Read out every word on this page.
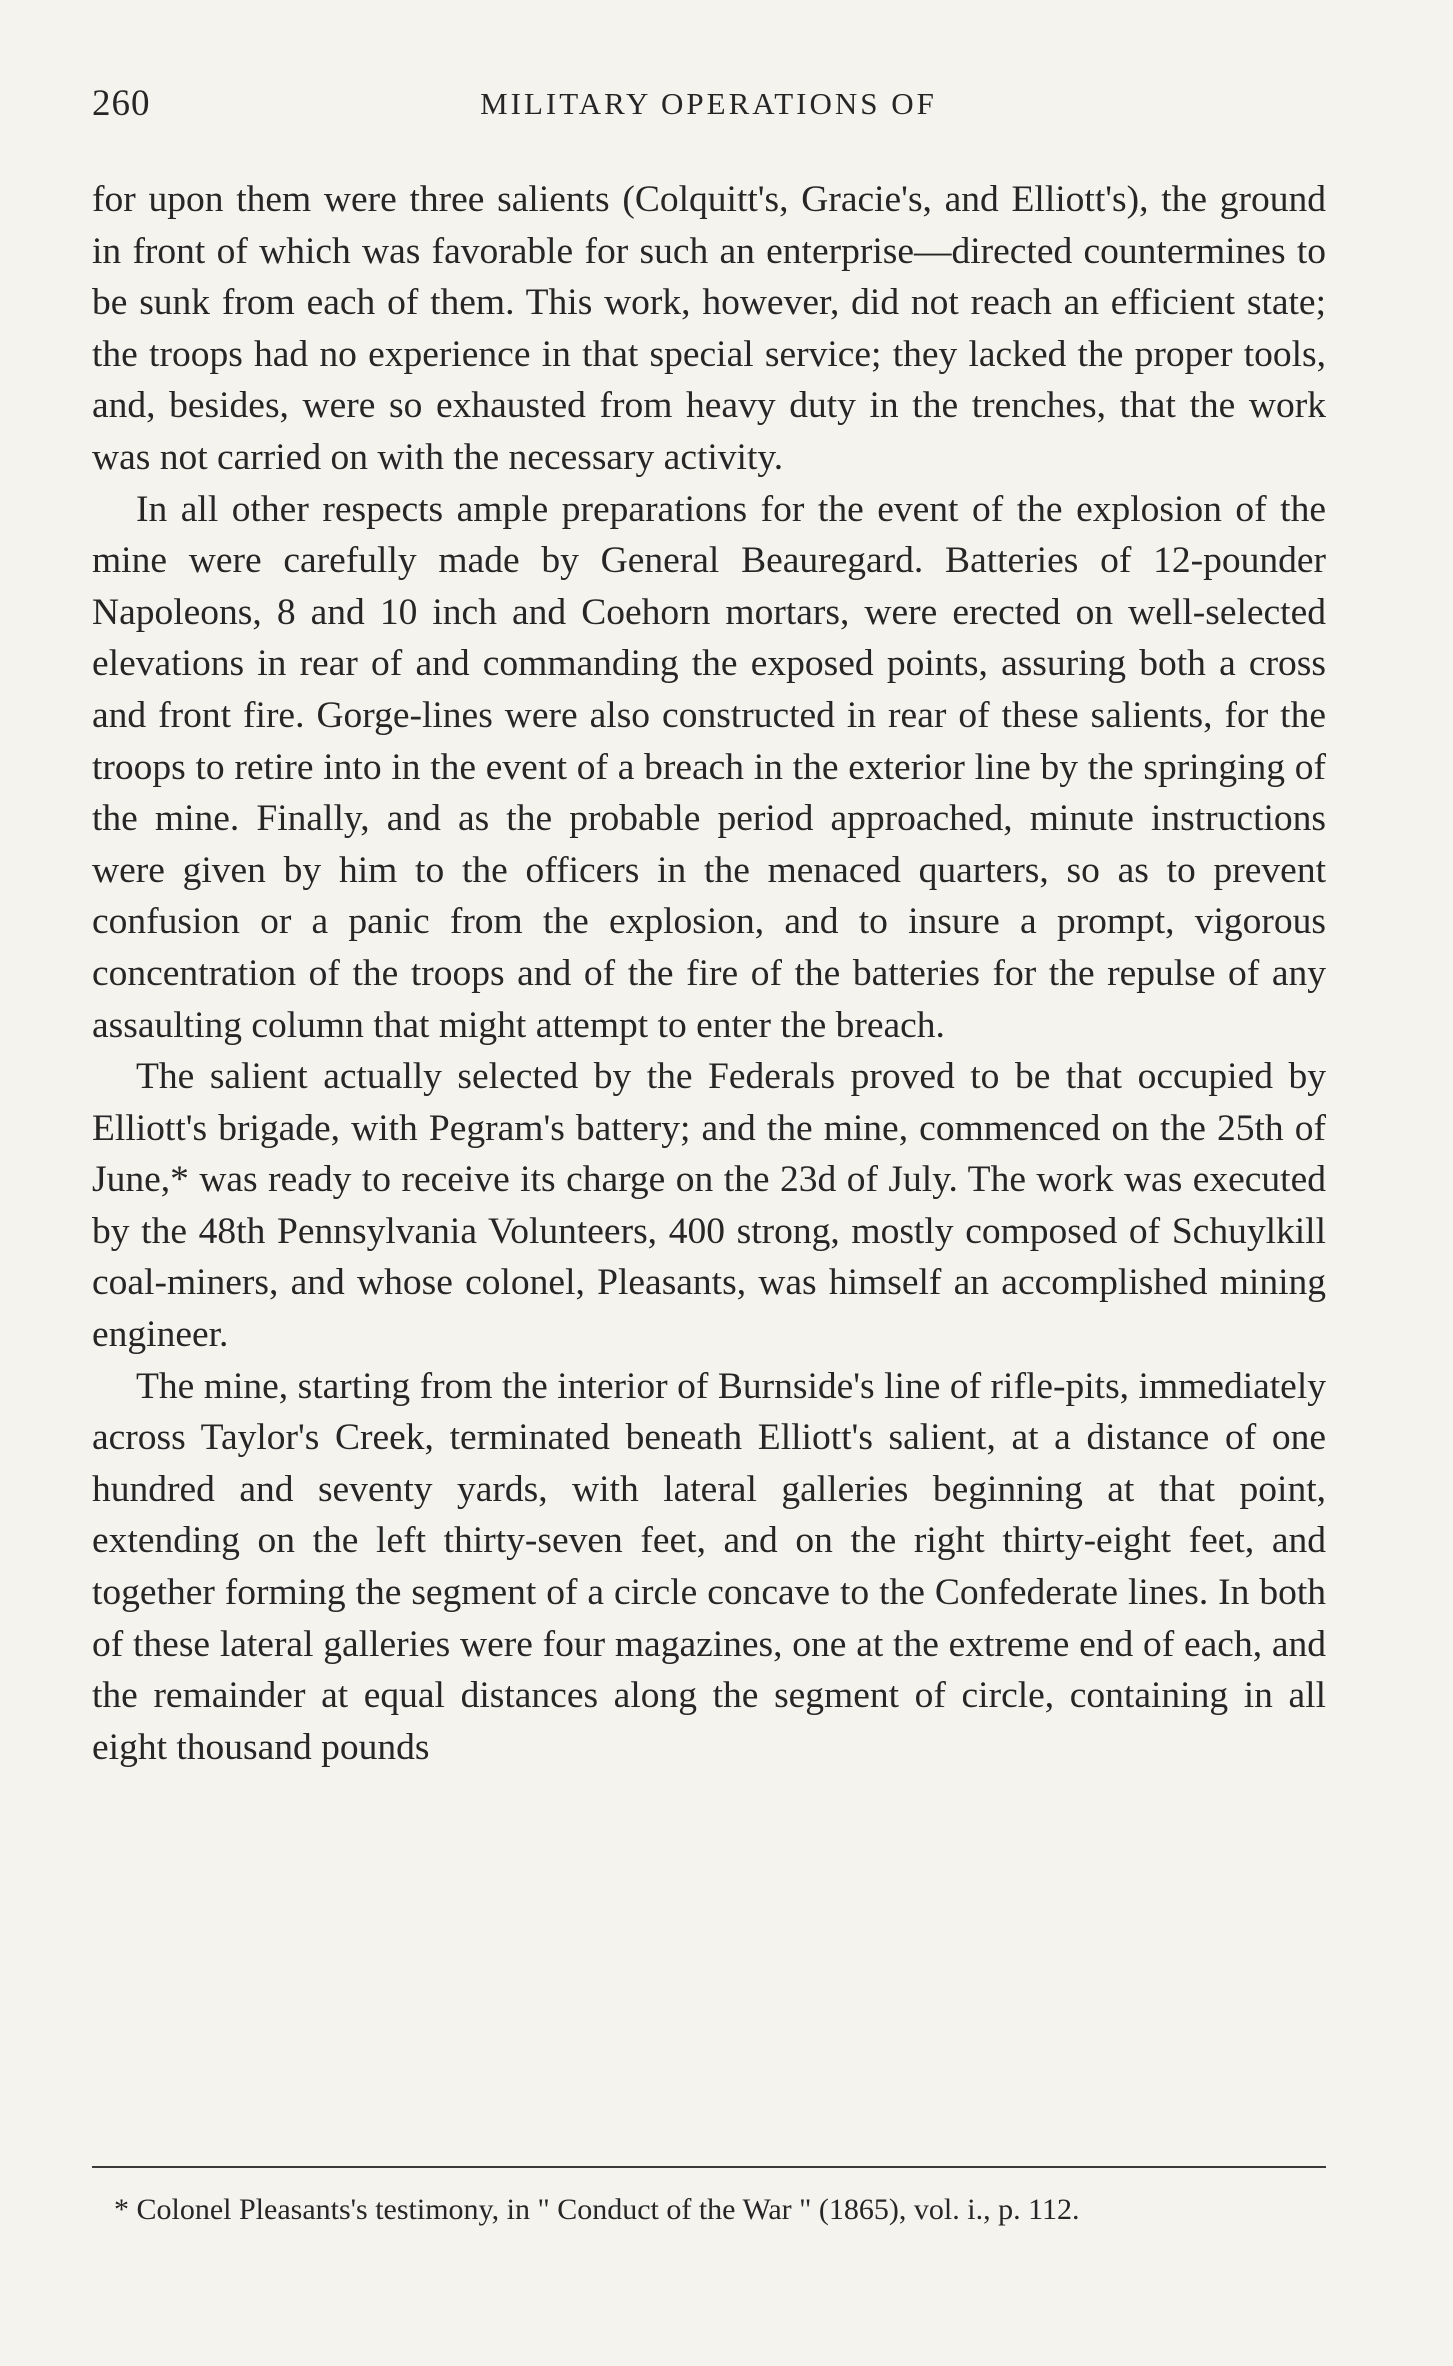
260	MILITARY OPERATIONS OF

for upon them were three salients (Colquitt's, Gracie's, and Elliott's), the ground in front of which was favorable for such an enterprise—directed countermines to be sunk from each of them. This work, however, did not reach an efficient state; the troops had no experience in that special service; they lacked the proper tools, and, besides, were so exhausted from heavy duty in the trenches, that the work was not carried on with the necessary activity.

In all other respects ample preparations for the event of the explosion of the mine were carefully made by General Beauregard. Batteries of 12-pounder Napoleons, 8 and 10 inch and Coehorn mortars, were erected on well-selected elevations in rear of and commanding the exposed points, assuring both a cross and front fire. Gorge-lines were also constructed in rear of these salients, for the troops to retire into in the event of a breach in the exterior line by the springing of the mine. Finally, and as the probable period approached, minute instructions were given by him to the officers in the menaced quarters, so as to prevent confusion or a panic from the explosion, and to insure a prompt, vigorous concentration of the troops and of the fire of the batteries for the repulse of any assaulting column that might attempt to enter the breach.

The salient actually selected by the Federals proved to be that occupied by Elliott's brigade, with Pegram's battery; and the mine, commenced on the 25th of June,* was ready to receive its charge on the 23d of July. The work was executed by the 48th Pennsylvania Volunteers, 400 strong, mostly composed of Schuylkill coal-miners, and whose colonel, Pleasants, was himself an accomplished mining engineer.

The mine, starting from the interior of Burnside's line of rifle-pits, immediately across Taylor's Creek, terminated beneath Elliott's salient, at a distance of one hundred and seventy yards, with lateral galleries beginning at that point, extending on the left thirty-seven feet, and on the right thirty-eight feet, and together forming the segment of a circle concave to the Confederate lines. In both of these lateral galleries were four magazines, one at the extreme end of each, and the remainder at equal distances along the segment of circle, containing in all eight thousand pounds

* Colonel Pleasants's testimony, in " Conduct of the War " (1865), vol. i., p. 112.
